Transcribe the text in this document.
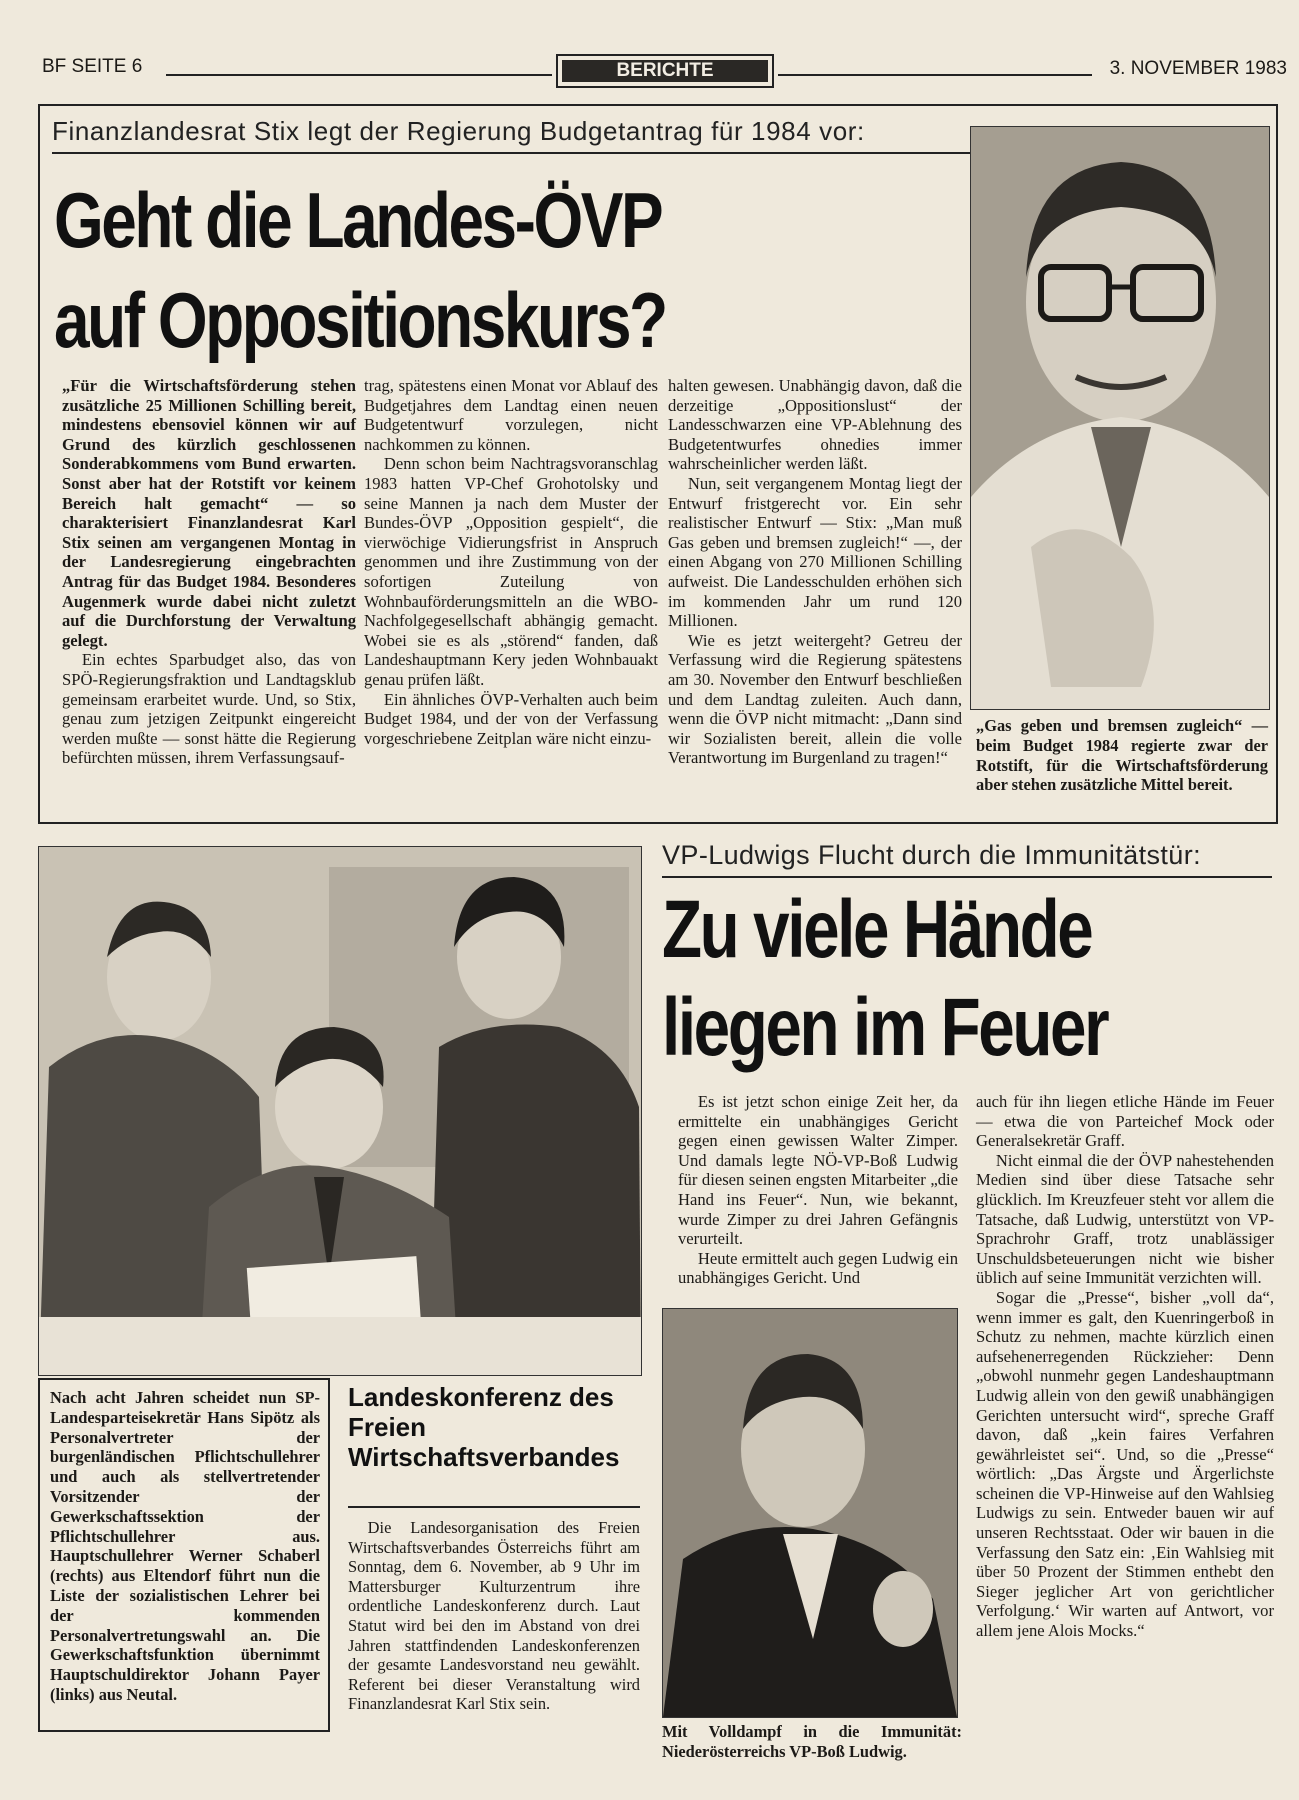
BF SEITE 6	BERICHTE	3. NOVEMBER 1983
Finanzlandesrat Stix legt der Regierung Budgetantrag für 1984 vor:
Geht die Landes-ÖVP
auf Oppositionskurs?

„Für die Wirtschaftsförderung stehen zusätzliche 25 Millionen Schilling bereit, mindestens ebensoviel können wir auf Grund des kürzlich geschlossenen Sonderabkommens vom Bund erwarten. Sonst aber hat der Rotstift vor keinem Bereich halt gemacht“ — so charakterisiert Finanzlandesrat Karl Stix seinen am vergangenen Montag in der Landesregierung eingebrachten Antrag für das Budget 1984. Besonderes Augenmerk wurde dabei nicht zuletzt auf die Durchforstung der Verwaltung gelegt.

Ein echtes Sparbudget also, das von SPÖ-Regierungsfraktion und Landtagsklub gemeinsam erarbeitet wurde. Und, so Stix, genau zum jetzigen Zeitpunkt eingereicht werden mußte — sonst hätte die Regierung befürchten müssen, ihrem Verfassungsauf-

trag, spätestens einen Monat vor Ablauf des Budgetjahres dem Landtag einen neuen Budgetentwurf vorzulegen, nicht nachkommen zu können.

Denn schon beim Nachtragsvoranschlag 1983 hatten VP-Chef Grohotolsky und seine Mannen ja nach dem Muster der Bundes-ÖVP „Opposition gespielt“, die vierwöchige Vidierungsfrist in Anspruch genommen und ihre Zustimmung von der sofortigen Zuteilung von Wohnbauförderungsmitteln an die WBO-Nachfolgegesellschaft abhängig gemacht. Wobei sie es als „störend“ fanden, daß Landeshauptmann Kery jeden Wohnbauakt genau prüfen läßt.

Ein ähnliches ÖVP-Verhalten auch beim Budget 1984, und der von der Verfassung vorgeschriebene Zeitplan wäre nicht einzu-

halten gewesen. Unabhängig davon, daß die derzeitige „Oppositionslust“ der Landesschwarzen eine VP-Ablehnung des Budgetentwurfes ohnedies immer wahrscheinlicher werden läßt.

Nun, seit vergangenem Montag liegt der Entwurf fristgerecht vor. Ein sehr realistischer Entwurf — Stix: „Man muß Gas geben und bremsen zugleich!“ —, der einen Abgang von 270 Millionen Schilling aufweist. Die Landesschulden erhöhen sich im kommenden Jahr um rund 120 Millionen.

Wie es jetzt weitergeht? Getreu der Verfassung wird die Regierung spätestens am 30. November den Entwurf beschließen und dem Landtag zuleiten. Auch dann, wenn die ÖVP nicht mitmacht: „Dann sind wir Sozialisten bereit, allein die volle Verantwortung im Burgenland zu tragen!“

„Gas geben und bremsen zugleich“ — beim Budget 1984 regierte zwar der Rotstift, für die Wirtschaftsförderung aber stehen zusätzliche Mittel bereit.
Nach acht Jahren scheidet nun SP-Landesparteisekretär Hans Sipötz als Personalvertreter der burgenländischen Pflichtschullehrer und auch als stellvertretender Vorsitzender der Gewerkschaftssektion der Pflichtschullehrer aus. Hauptschullehrer Werner Schaberl (rechts) aus Eltendorf führt nun die Liste der sozialistischen Lehrer bei der kommenden Personalvertretungswahl an. Die Gewerkschaftsfunktion übernimmt Hauptschuldirektor Johann Payer (links) aus Neutal.
Landeskonferenz des Freien Wirtschaftsverbandes
Die Landesorganisation des Freien Wirtschaftsverbandes Österreichs führt am Sonntag, dem 6. November, ab 9 Uhr im Mattersburger Kulturzentrum ihre ordentliche Landeskonferenz durch. Laut Statut wird bei den im Abstand von drei Jahren stattfindenden Landeskonferenzen der gesamte Landesvorstand neu gewählt. Referent bei dieser Veranstaltung wird Finanzlandesrat Karl Stix sein.
VP-Ludwigs Flucht durch die Immunitätstür:
Zu viele Hände
liegen im Feuer

Es ist jetzt schon einige Zeit her, da ermittelte ein unabhängiges Gericht gegen einen gewissen Walter Zimper. Und damals legte NÖ-VP-Boß Ludwig für diesen seinen engsten Mitarbeiter „die Hand ins Feuer“. Nun, wie bekannt, wurde Zimper zu drei Jahren Gefängnis verurteilt.

Heute ermittelt auch gegen Ludwig ein unabhängiges Gericht. Und

Mit Volldampf in die Immunität: Niederösterreichs VP-Boß Ludwig.

auch für ihn liegen etliche Hände im Feuer — etwa die von Parteichef Mock oder Generalsekretär Graff.

Nicht einmal die der ÖVP nahestehenden Medien sind über diese Tatsache sehr glücklich. Im Kreuzfeuer steht vor allem die Tatsache, daß Ludwig, unterstützt von VP-Sprachrohr Graff, trotz unablässiger Unschuldsbeteuerungen nicht wie bisher üblich auf seine Immunität verzichten will.

Sogar die „Presse“, bisher „voll da“, wenn immer es galt, den Kuenringerboß in Schutz zu nehmen, machte kürzlich einen aufsehenerregenden Rückzieher: Denn „obwohl nunmehr gegen Landeshauptmann Ludwig allein von den gewiß unabhängigen Gerichten untersucht wird“, spreche Graff davon, daß „kein faires Verfahren gewährleistet sei“. Und, so die „Presse“ wörtlich: „Das Ärgste und Ärgerlichste scheinen die VP-Hinweise auf den Wahlsieg Ludwigs zu sein. Entweder bauen wir auf unseren Rechtsstaat. Oder wir bauen in die Verfassung den Satz ein: ‚Ein Wahlsieg mit über 50 Prozent der Stimmen enthebt den Sieger jeglicher Art von gerichtlicher Verfolgung.‘ Wir warten auf Antwort, vor allem jene Alois Mocks.“
